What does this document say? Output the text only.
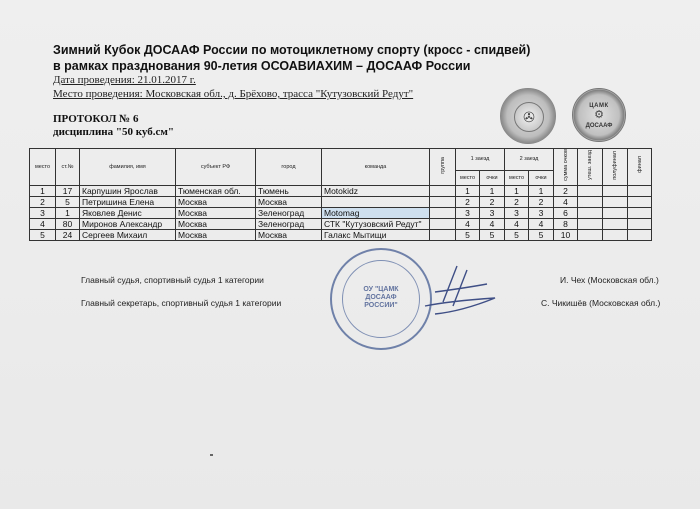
Зимний Кубок ДОСААФ России по мотоциклетному спорту (кросс - спидвей)
в рамках празднования 90-летия ОСОАВИАХИМ – ДОСААФ России
Дата проведения: 21.01.2017 г.
Место проведения: Московская обл., д. Брёхово, трасса "Кутузовский Редут"
ПРОТОКОЛ № 6
дисциплина "50 куб.см"
✇
ЦАМК
⚙
ДОСААФ
место	ст.№	фамилия, имя	субъект РФ	город	команда	группа	1 заезд		2 заезд		сумма очков	утеш. заезд	полуфинал	финал
							место	очки	место	очки				
1	17	Карпушин Ярослав	Тюменская обл.	Тюмень	Motokidz		1	1	1	1	2			
2	5	Петришина Елена	Москва	Москва			2	2	2	2	4			
3	1	Яковлев Денис	Москва	Зеленоград	Motomag		3	3	3	3	6			
4	80	Миронов Александр	Москва	Зеленоград	СТК "Кутузовский Редут"		4	4	4	4	8			
5	24	Сергеев Михаил	Москва	Москва	Галакс Мытищи		5	5	5	5	10			
ОУ "ЦАМК
ДОСААФ
РОССИИ"
Главный судья, спортивный судья 1 категории	И. Чех (Московская обл.)
Главный секретарь, спортивный судья 1 категории	С. Чикишёв (Московская обл.)
